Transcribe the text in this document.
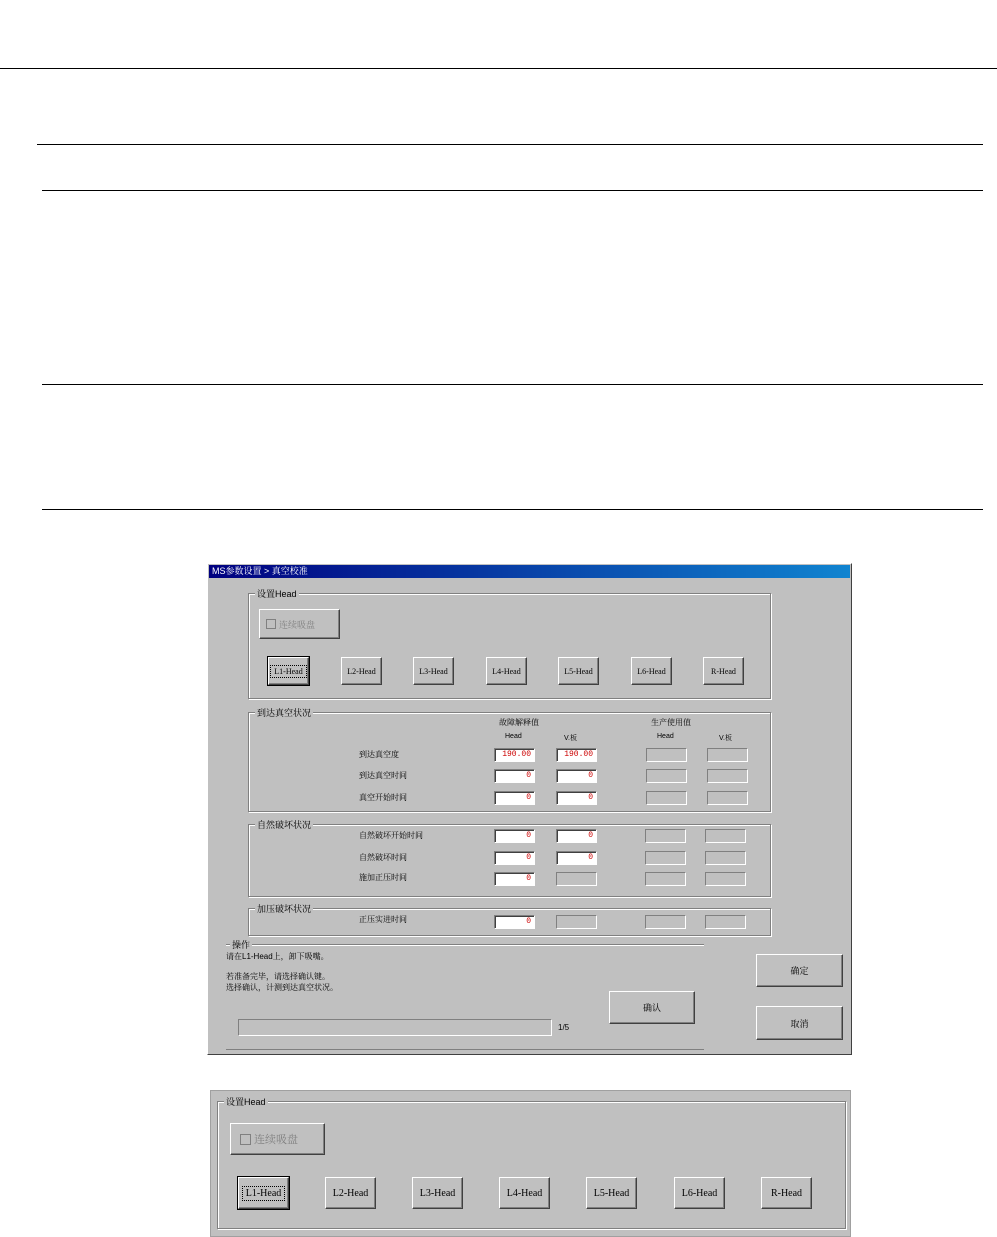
MS参数设置 > 真空校准
设置Head
连续吸盘
L1-Head	L2-Head	L3-Head	L4-Head	L5-Head	L6-Head	R-Head
到达真空状况
故障解释值	生产使用值
Head	V.板	Head	V.板
到达真空度	190.00	190.00
到达真空时间	0	0
真空开始时间	0	0
自然破坏状况
自然破坏开始时间	0	0
自然破坏时间	0	0
施加正压时间	0
加压破坏状况
正压实进时间	0
操作
请在L1-Head上，卸下吸嘴。
若准备完毕，请选择确认键。
选择确认，计测到达真空状况。
确认
1/5
确定
取消
设置Head
连续吸盘
L1-Head	L2-Head	L3-Head	L4-Head	L5-Head	L6-Head	R-Head
